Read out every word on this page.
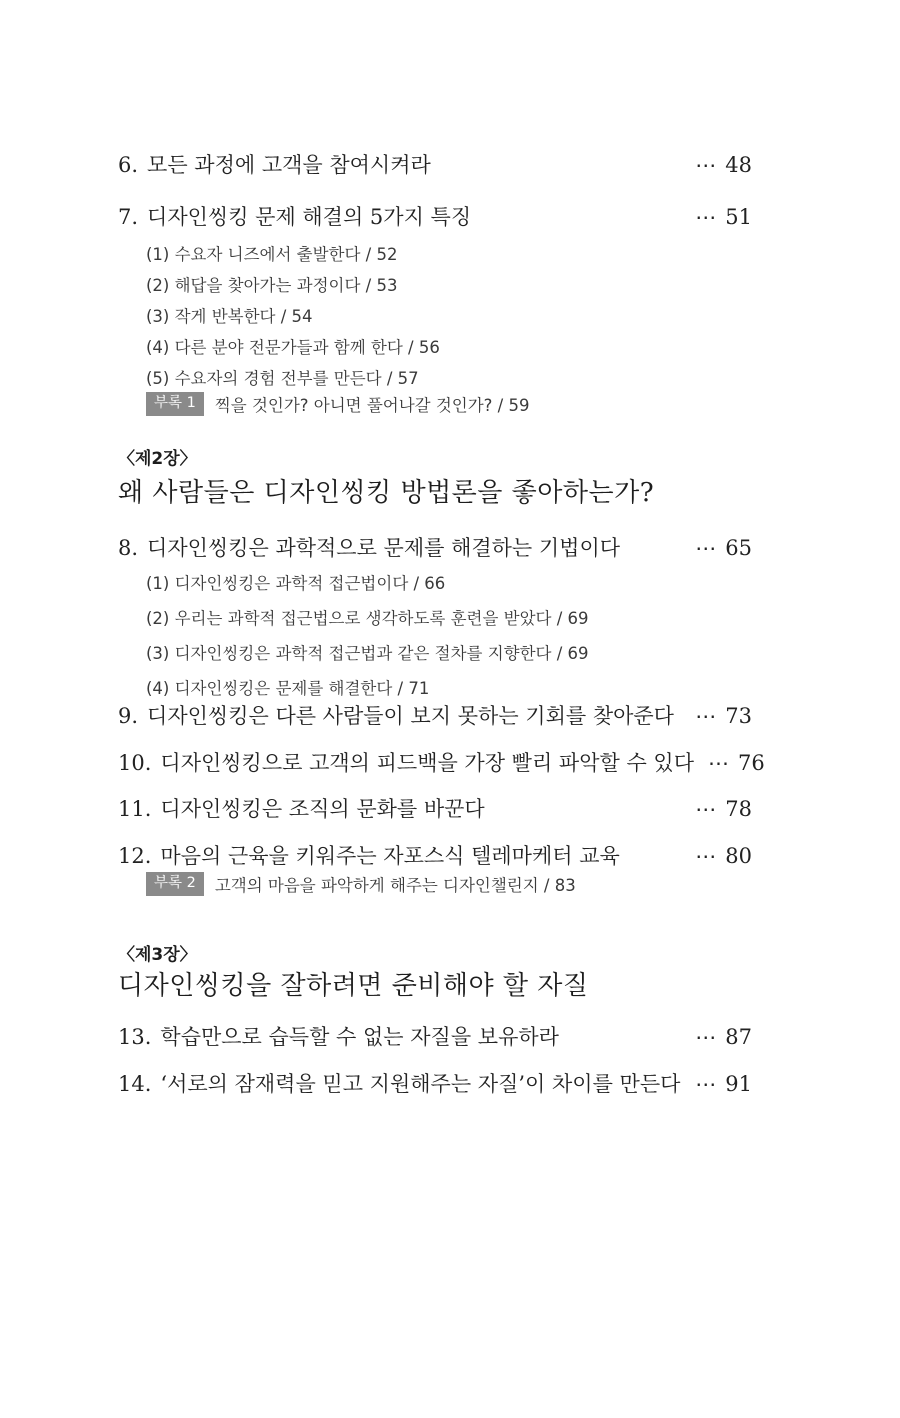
6. 모든 과정에 고객을 참여시켜라	⋯ 48
7. 디자인씽킹 문제 해결의 5가지 특징	⋯ 51
(1) 수요자 니즈에서 출발한다 / 52
(2) 해답을 찾아가는 과정이다 / 53
(3) 작게 반복한다 / 54
(4) 다른 분야 전문가들과 함께 한다 / 56
(5) 수요자의 경험 전부를 만든다 / 57
부록 1	찍을 것인가? 아니면 풀어나갈 것인가? / 59
〈제2장〉
왜 사람들은 디자인씽킹 방법론을 좋아하는가?
8. 디자인씽킹은 과학적으로 문제를 해결하는 기법이다	⋯ 65
(1) 디자인씽킹은 과학적 접근법이다 / 66
(2) 우리는 과학적 접근법으로 생각하도록 훈련을 받았다 / 69
(3) 디자인씽킹은 과학적 접근법과 같은 절차를 지향한다 / 69
(4) 디자인씽킹은 문제를 해결한다 / 71
9. 디자인씽킹은 다른 사람들이 보지 못하는 기회를 찾아준다 ⋯ 73
10. 디자인씽킹으로 고객의 피드백을 가장 빨리 파악할 수 있다 ⋯ 76
11. 디자인씽킹은 조직의 문화를 바꾼다	⋯ 78
12. 마음의 근육을 키워주는 자포스식 텔레마케터 교육	⋯ 80
부록 2	고객의 마음을 파악하게 해주는 디자인챌린지 / 83
〈제3장〉
디자인씽킹을 잘하려면 준비해야 할 자질
13. 학습만으로 습득할 수 없는 자질을 보유하라	⋯ 87
14. ‘서로의 잠재력을 믿고 지원해주는 자질’이 차이를 만든다 ⋯ 91
